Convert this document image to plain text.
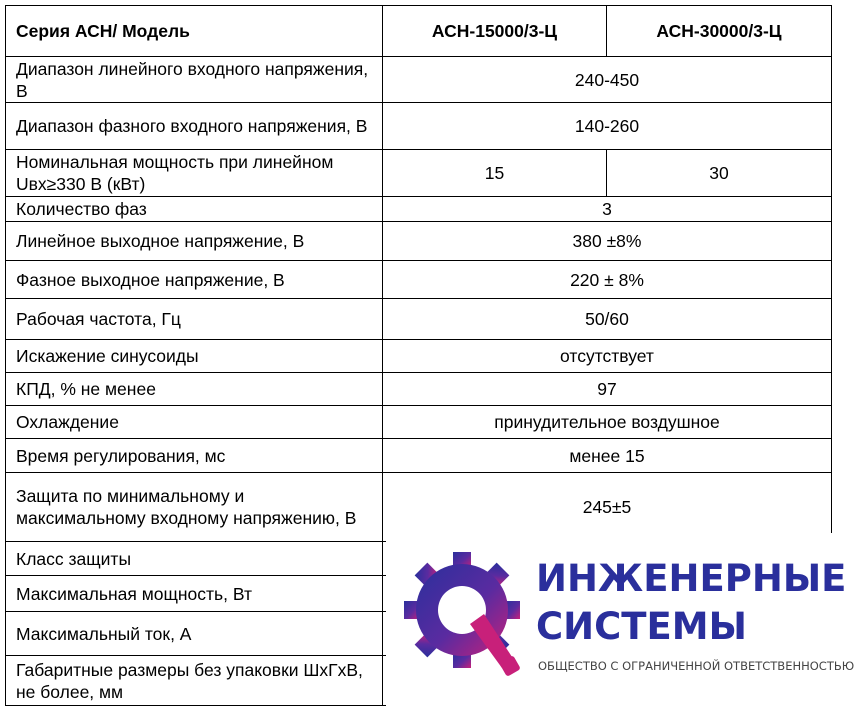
Серия АСН/ Модель	АСН-15000/3-Ц	АСН-30000/3-Ц
Диапазон линейного входного напряжения, В	240-450	
Диапазон фазного входного напряжения, В	140-260	
Номинальная мощность при линейном Uвх≥330 В (кВт)	15	30
Количество фаз	3	
Линейное выходное напряжение, В	380 ±8%	
Фазное выходное напряжение, В	220 ± 8%	
Рабочая частота, Гц	50/60	
Искажение синусоиды	отсутствует	
КПД, % не менее	97	
Охлаждение	принудительное воздушное	
Время регулирования, мс	менее 15	
Защита по минимальному и максимальному входному напряжению, В	245±5	
Класс защиты		
Максимальная мощность, Вт		
Максимальный ток, А		
Габаритные размеры без упаковки ШхГхВ, не более, мм		
ИНЖЕНЕРНЫЕ
СИСТЕМЫ
ОБЩЕСТВО С ОГРАНИЧЕННОЙ ОТВЕТСТВЕННОСТЬЮ
